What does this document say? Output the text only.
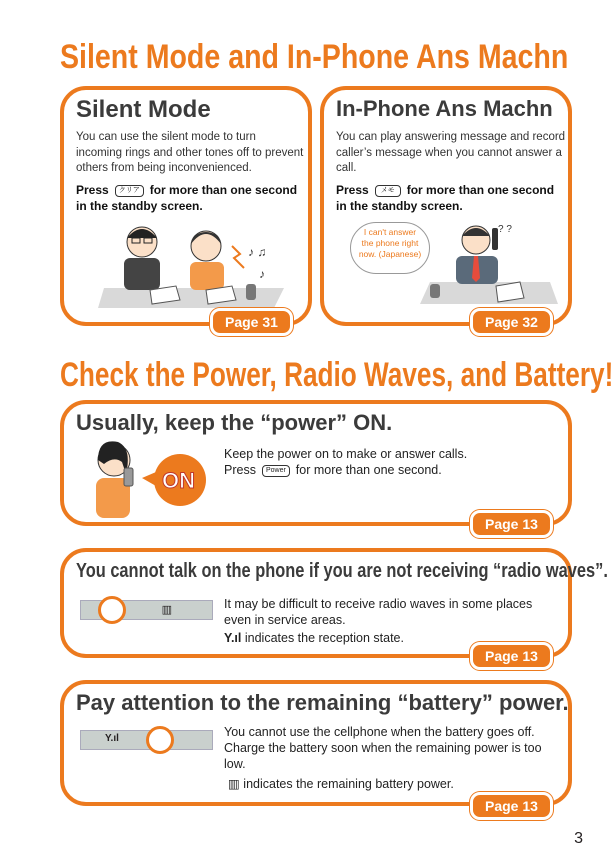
Silent Mode and In-Phone Ans Machn
Silent Mode
You can use the silent mode to turn incoming rings and other tones off to prevent others from being inconvenienced.
Press クリア for more than one second in the standby screen.
♪ ♫
♪
Page 31
In-Phone Ans Machn
You can play answering message and record caller’s message when you cannot answer a call.
Press メモ for more than one second in the standby screen.
I can't answer the phone right now. (Japanese)
? ?
Page 32
Check the Power, Radio Waves, and Battery!
Usually, keep the “power” ON.
ON
Keep the power on to make or answer calls.
Press Power for more than one second.
Page 13
You cannot talk on the phone if you are not receiving “radio waves”.
▥	It may be difficult to receive radio waves in some places even in service areas.
Y.ıl indicates the reception state.
Page 13
Pay attention to the remaining “battery” power.
Y.ıl	You cannot use the cellphone when the battery goes off. Charge the battery soon when the remaining power is too low.
▥ indicates the remaining battery power.
Page 13
3
